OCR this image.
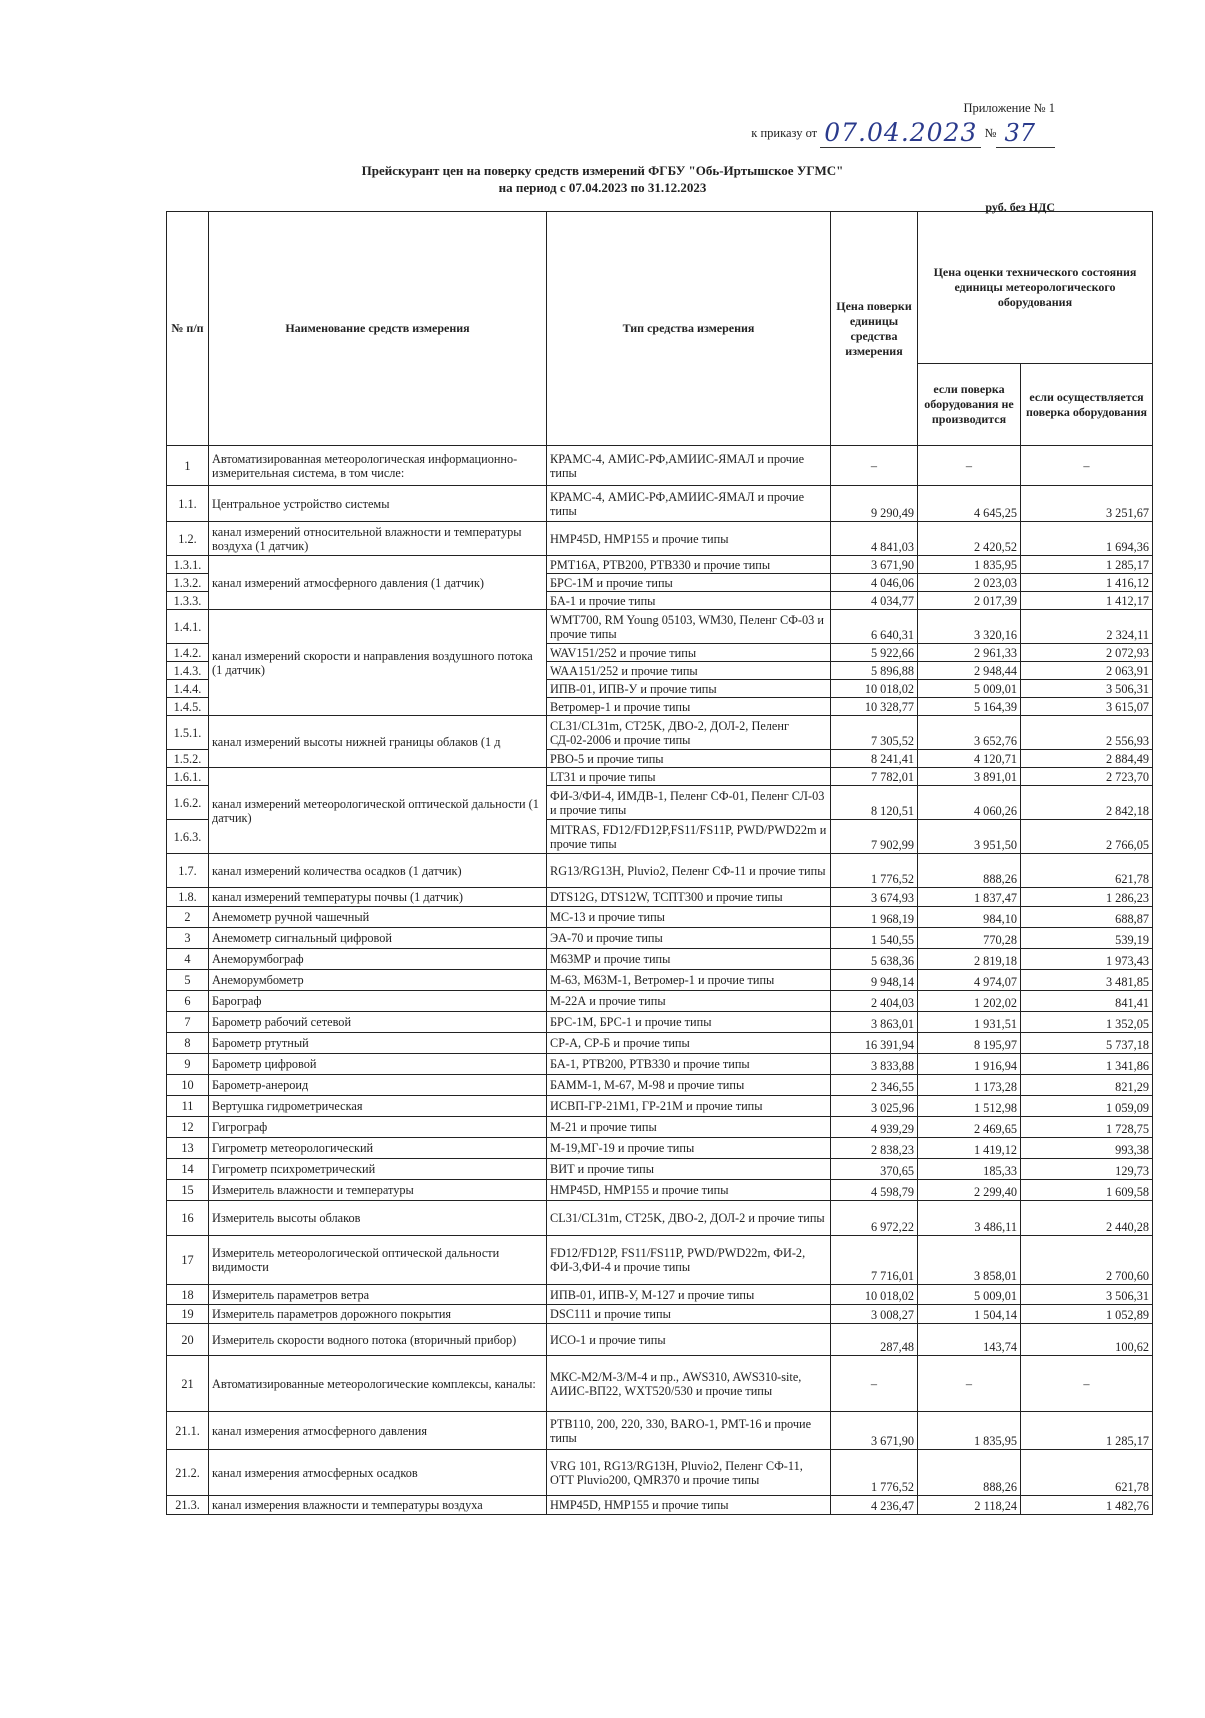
Приложение № 1
к приказу от 07.04.2023 № 37
Прейскурант цен на поверку средств измерений ФГБУ "Обь-Иртышское УГМС"
на период с 07.04.2023 по 31.12.2023
руб. без НДС
№ п/п	Наименование средств измерения	Тип средства измерения	Цена поверки единицы средства измерения	Цена оценки технического состояния единицы метеорологического оборудования	
				если поверка оборудования не производится	если осуществляется поверка оборудования
1	Автоматизированная метеорологическая информационно-измерительная система, в том числе:	КРАМС-4, АМИС-РФ,АМИИС-ЯМАЛ и прочие типы	–	–	–
1.1.	Центральное устройство системы	КРАМС-4, АМИС-РФ,АМИИС-ЯМАЛ и прочие типы	9 290,49	4 645,25	3 251,67
1.2.	канал измерений относительной влажности и температуры воздуха (1 датчик)	HMP45D, HMP155 и прочие типы	4 841,03	2 420,52	1 694,36
1.3.1.	канал измерений атмосферного давления (1 датчик)	PMT16A, PTB200, PTB330 и прочие типы	3 671,90	1 835,95	1 285,17
1.3.2.		БРС-1М и прочие типы	4 046,06	2 023,03	1 416,12
1.3.3.		БА-1 и прочие типы	4 034,77	2 017,39	1 412,17
1.4.1.	канал измерений скорости и направления воздушного потока (1 датчик)	WMT700, RM Young 05103, WM30, Пеленг СФ-03 и прочие типы	6 640,31	3 320,16	2 324,11
1.4.2.		WAV151/252 и прочие типы	5 922,66	2 961,33	2 072,93
1.4.3.		WAA151/252 и прочие типы	5 896,88	2 948,44	2 063,91
1.4.4.		ИПВ-01, ИПВ-У и прочие типы	10 018,02	5 009,01	3 506,31
1.4.5.		Ветромер-1 и прочие типы	10 328,77	5 164,39	3 615,07
1.5.1.	канал измерений высоты нижней границы облаков (1 д	CL31/CL31m, CT25K, ДВО-2, ДОЛ-2, Пеленг СД-02-2006 и прочие типы	7 305,52	3 652,76	2 556,93
1.5.2.		РВО-5 и прочие типы	8 241,41	4 120,71	2 884,49
1.6.1.	канал измерений метеорологической оптической дальности (1 датчик)	LT31 и прочие типы	7 782,01	3 891,01	2 723,70
1.6.2.		ФИ-3/ФИ-4, ИМДВ-1, Пеленг СФ-01, Пеленг СЛ-03 и прочие типы	8 120,51	4 060,26	2 842,18
1.6.3.		MITRAS, FD12/FD12P,FS11/FS11P, PWD/PWD22m и прочие типы	7 902,99	3 951,50	2 766,05
1.7.	канал измерений количества осадков (1 датчик)	RG13/RG13H, Pluvio2, Пеленг СФ-11 и прочие типы	1 776,52	888,26	621,78
1.8.	канал измерений температуры почвы (1 датчик)	DTS12G, DTS12W, ТСПТ300 и прочие типы	3 674,93	1 837,47	1 286,23
2	Анемометр ручной чашечный	МС-13 и прочие типы	1 968,19	984,10	688,87
3	Анемометр сигнальный цифровой	ЭА-70 и прочие типы	1 540,55	770,28	539,19
4	Анеморумбограф	М63МР и прочие типы	5 638,36	2 819,18	1 973,43
5	Анеморумбометр	М-63, М63М-1, Ветромер-1 и прочие типы	9 948,14	4 974,07	3 481,85
6	Барограф	М-22А и прочие типы	2 404,03	1 202,02	841,41
7	Барометр рабочий сетевой	БРС-1М, БРС-1 и прочие типы	3 863,01	1 931,51	1 352,05
8	Барометр ртутный	СР-А, СР-Б и прочие типы	16 391,94	8 195,97	5 737,18
9	Барометр цифровой	БА-1, PTB200, PTB330 и прочие типы	3 833,88	1 916,94	1 341,86
10	Барометр-анероид	БАММ-1, М-67, М-98 и прочие типы	2 346,55	1 173,28	821,29
11	Вертушка гидрометрическая	ИСВП-ГР-21М1, ГР-21М и прочие типы	3 025,96	1 512,98	1 059,09
12	Гигрограф	М-21 и прочие типы	4 939,29	2 469,65	1 728,75
13	Гигрометр метеорологический	М-19,МГ-19 и прочие типы	2 838,23	1 419,12	993,38
14	Гигрометр психрометрический	ВИТ и прочие типы	370,65	185,33	129,73
15	Измеритель влажности и температуры	HMP45D, HMP155 и прочие типы	4 598,79	2 299,40	1 609,58
16	Измеритель высоты облаков	CL31/CL31m, CT25K, ДВО-2, ДОЛ-2 и прочие типы	6 972,22	3 486,11	2 440,28
17	Измеритель метеорологической оптической дальности видимости	FD12/FD12P, FS11/FS11P, PWD/PWD22m, ФИ-2, ФИ-3,ФИ-4 и прочие типы	7 716,01	3 858,01	2 700,60
18	Измеритель параметров ветра	ИПВ-01, ИПВ-У, М-127 и прочие типы	10 018,02	5 009,01	3 506,31
19	Измеритель параметров дорожного покрытия	DSC111 и прочие типы	3 008,27	1 504,14	1 052,89
20	Измеритель скорости водного потока (вторичный прибор)	ИСО-1 и прочие типы	287,48	143,74	100,62
21	Автоматизированные метеорологические комплексы, каналы:	МКС-М2/М-3/М-4 и пр., AWS310, AWS310-site, АИИС-ВП22, WXT520/530 и прочие типы	–	–	–
21.1.	канал измерения атмосферного давления	PTB110, 200, 220, 330, BARO-1, PMT-16 и прочие типы	3 671,90	1 835,95	1 285,17
21.2.	канал измерения атмосферных осадков	VRG 101, RG13/RG13H, Pluvio2, Пеленг СФ-11, OTT Pluvio200, QMR370 и прочие типы	1 776,52	888,26	621,78
21.3.	канал измерения влажности и температуры воздуха	HMP45D, HMP155 и прочие типы	4 236,47	2 118,24	1 482,76
